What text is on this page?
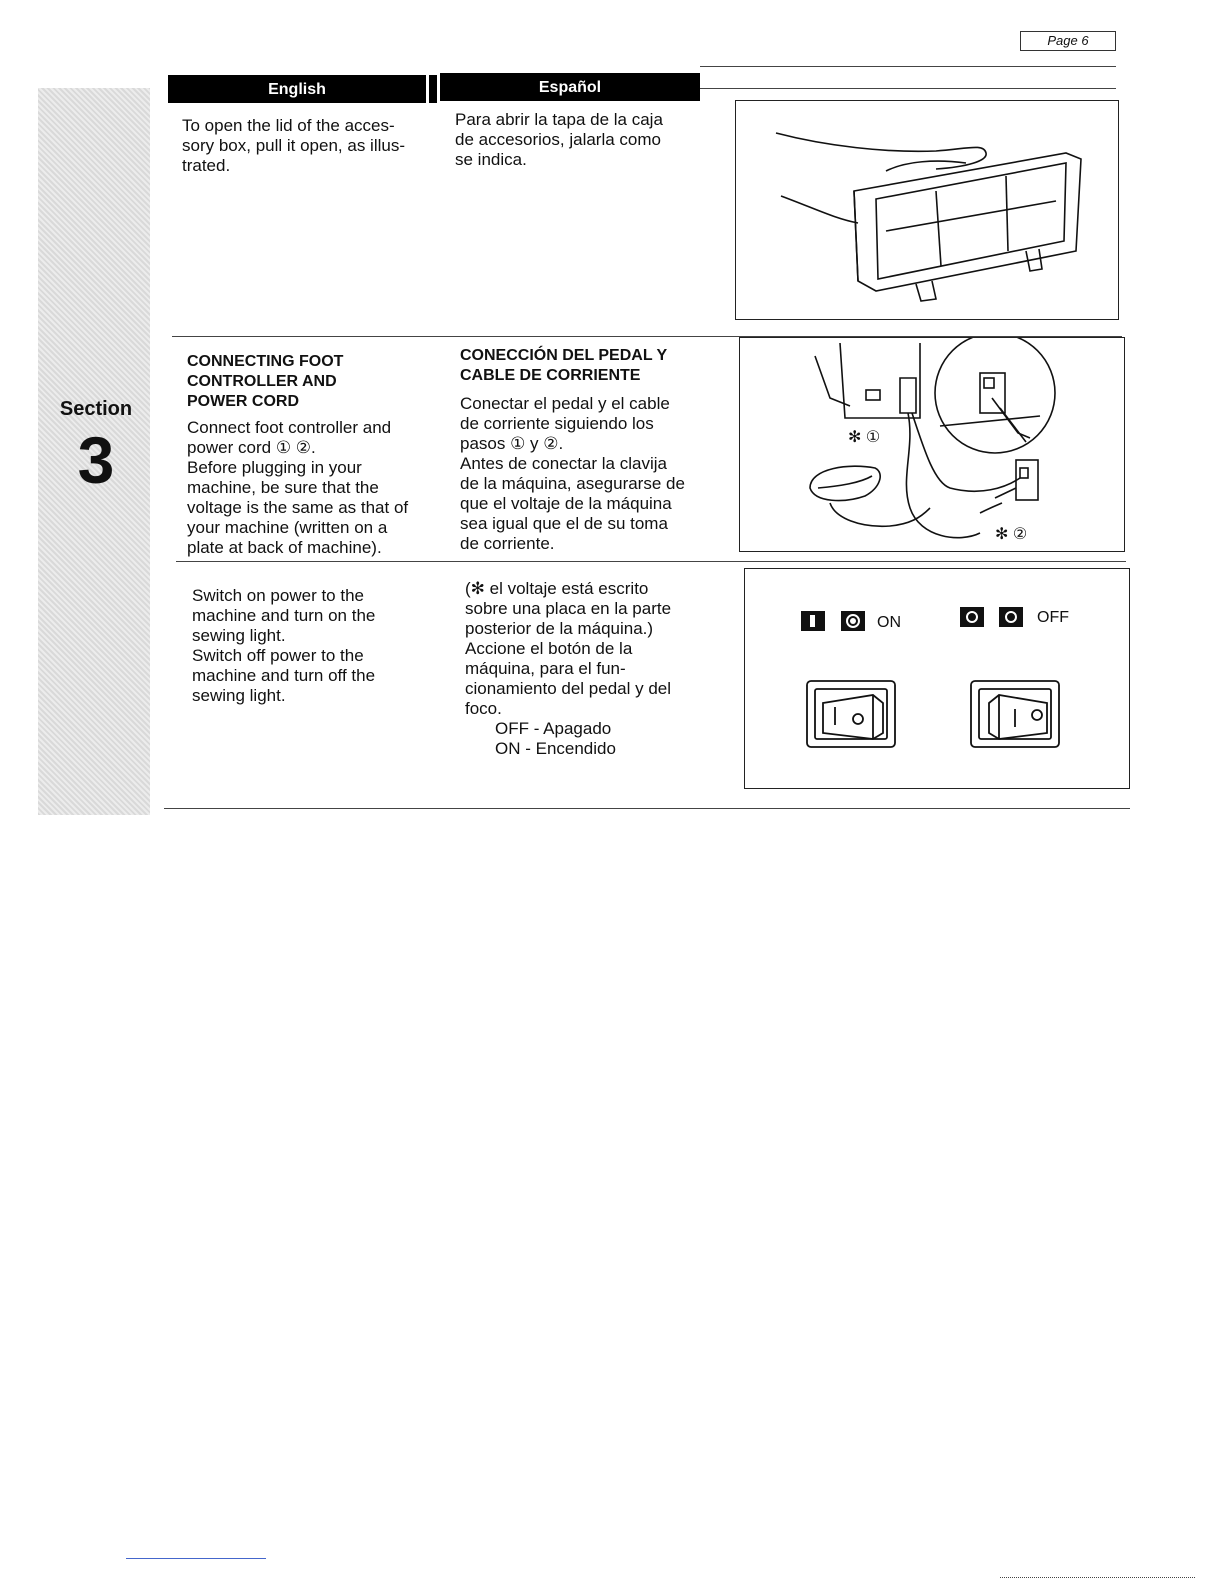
Page 6
Section
3
English	Español

To open the lid of the acces-

sory box, pull it open, as illus-

trated.

Para abrir la tapa de la caja

de accesorios, jalarla como

se indica.

CONNECTING FOOT
CONTROLLER AND
POWER CORD

Connect foot controller and

power cord ① ②.

Before plugging in your

machine, be sure that the

voltage is the same as that of

your machine (written on a

plate at back of machine).

CONECCIÓN DEL PEDAL Y
CABLE DE CORRIENTE

Conectar el pedal y el cable

de corriente siguiendo los

pasos ① y ②.

Antes de conectar la clavija

de la máquina, asegurarse de

que el voltaje de la máquina

sea igual que el de su toma

de corriente.

✻ ①
✻ ②

Switch on power to the

machine and turn on the

sewing light.

Switch off power to the

machine and turn off the

sewing light.

(✻ el voltaje está escrito

sobre una placa en la parte

posterior de la máquina.)

Accione el botón de la

máquina, para el fun-

cionamiento del pedal y del

foco.

OFF - Apagado

ON - Encendido

ON	OFF
